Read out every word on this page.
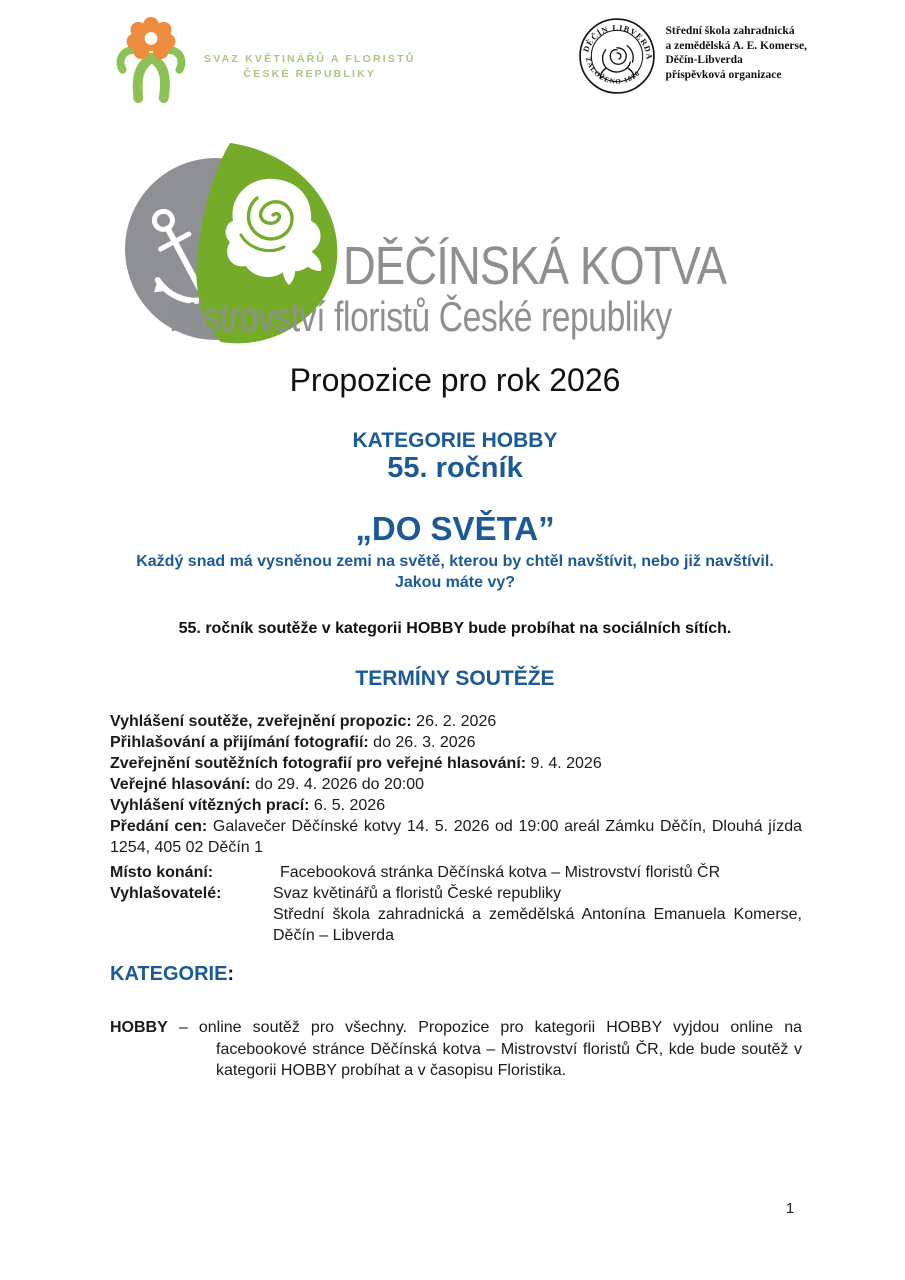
SVAZ KVĚTINÁŘŮ A FLORISTŮ
ČESKÉ REPUBLIKY
DĚČÍN LIBVERDA
ZALOŽENO 1850
Střední škola zahradnická
a zemědělská A. E. Komerse,
Děčín-Libverda
příspěvková organizace
DĚČÍNSKÁ KOTVA
Mistrovství floristů České republiky
Propozice pro rok 2026
KATEGORIE HOBBY
55. ročník
„DO SVĚTA”
Každý snad má vysněnou zemi na světě, kterou by chtěl navštívit, nebo již navštívil.
Jakou máte vy?

55. ročník soutěže v kategorii HOBBY bude probíhat na sociálních sítích.

TERMÍNY SOUTĚŽE
Vyhlášení soutěže, zveřejnění propozic: 26. 2. 2026
Přihlašování a přijímání fotografií: do 26. 3. 2026
Zveřejnění soutěžních fotografií pro veřejné hlasování: 9. 4. 2026
Veřejné hlasování: do 29. 4. 2026 do 20:00
Vyhlášení vítězných prací: 6. 5. 2026
Předání cen: Galavečer Děčínské kotvy 14. 5. 2026 od 19:00 areál Zámku Děčín, Dlouhá jízda 1254, 405 02 Děčín 1
Místo konání:	Facebooková stránka Děčínská kotva – Mistrovství floristů ČR
Vyhlašovatelé:	Svaz květinářů a floristů České republiky
Střední škola zahradnická a zemědělská Antonína Emanuela Komerse,
Děčín – Libverda
KATEGORIE:

HOBBY – online soutěž pro všechny. Propozice pro kategorii HOBBY vyjdou online na facebookové stránce Děčínská kotva – Mistrovství floristů ČR, kde bude soutěž v kategorii HOBBY probíhat a v časopisu Floristika.

1
